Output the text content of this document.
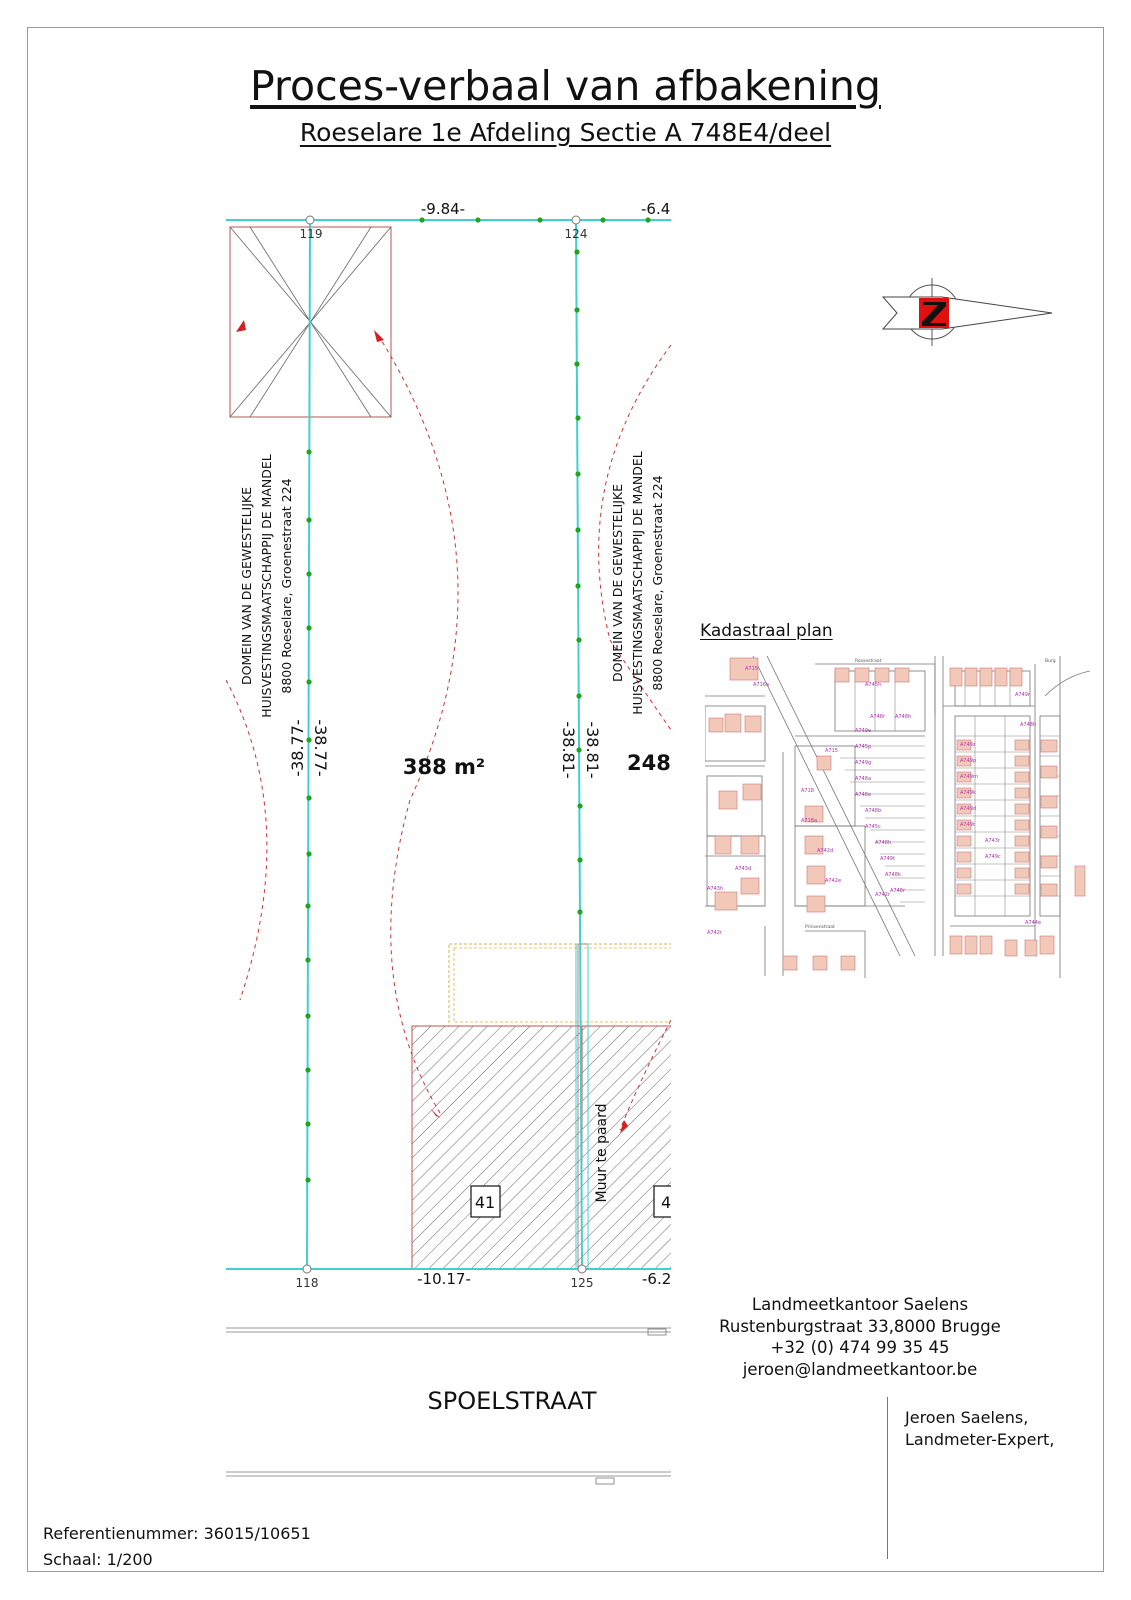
Proces-verbaal van afbakening
Roeselare 1e Afdeling Sectie A 748E4/deel
119	124
118	125
-9.84-	-6.4
-10.17-	-6.2
-38.77- -38.77-	-38.81- -38.81-
388 m²	248
DOMEIN VAN DE GEWESTELIJKE HUISVESTINGSMAATSCHAPPIJ DE MANDEL 8800 Roeselare, Groenestraat 224	DOMEIN VAN DE GEWESTELIJKE HUISVESTINGSMAATSCHAPPIJ DE MANDEL 8800 Roeselare, Groenestraat 224
41	4
Muur te paard
SPOELSTRAAT
Kadastraal plan
A715
A716a	A745h
A748r A748h
A749e
A745p
A749g
A748a
A748e
A748b
A745c
A748h
A749t
A748k
A748r
A749z
A749p
A749m
A749k
A749d
A749t
A743r
A749c
A749r
A748h
A743h
A743d
A742r
A715
A718
A718a
A742d
A742e
A742r
A744e
Rossestraat
Prinsenstraat
Burg
Landmeetkantoor Saelens
Rustenburgstraat 33,8000 Brugge
+32 (0) 474 99 35 45
jeroen@landmeetkantoor.be
Jeroen Saelens,
Landmeter-Expert,
Referentienummer: 36015/10651
Schaal: 1/200
